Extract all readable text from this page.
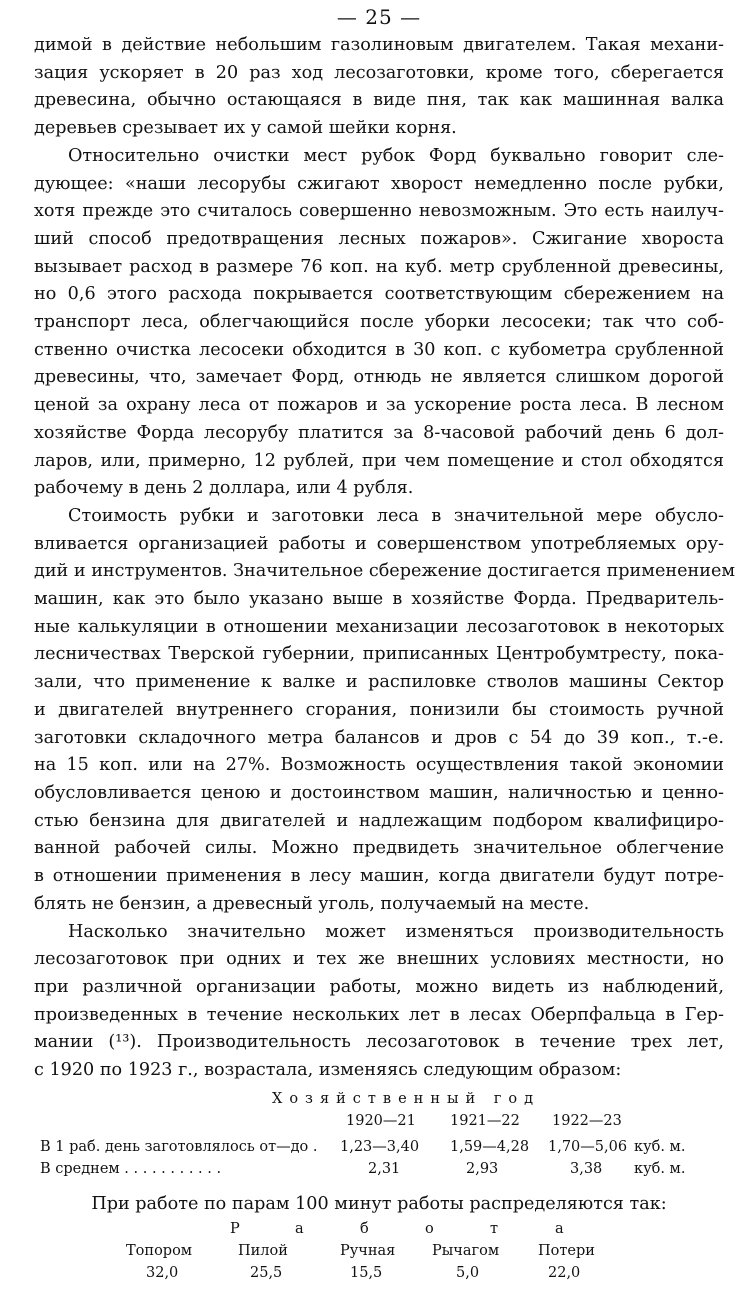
— 25 —

димой в действие небольшим газолиновым двигателем. Такая механи-
зация ускоряет в 20 раз ход лесозаготовки, кроме того, сберегается
древесина, обычно остающаяся в виде пня, так как машинная валка
деревьев срезывает их у самой шейки корня.

Относительно очистки мест рубок Форд буквально говорит сле-
дующее: «наши лесорубы сжигают хворост немедленно после рубки,
хотя прежде это считалось совершенно невозможным. Это есть наилуч-
ший способ предотвращения лесных пожаров». Сжигание хвороста
вызывает расход в размере 76 коп. на куб. метр срубленной древесины,
но 0,6 этого расхода покрывается соответствующим сбережением на
транспорт леса, облегчающийся после уборки лесосеки; так что соб-
ственно очистка лесосеки обходится в 30 коп. с кубометра срубленной
древесины, что, замечает Форд, отнюдь не является слишком дорогой
ценой за охрану леса от пожаров и за ускорение роста леса. В лесном
хозяйстве Форда лесорубу платится за 8-часовой рабочий день 6 дол-
ларов, или, примерно, 12 рублей, при чем помещение и стол обходятся
рабочему в день 2 доллара, или 4 рубля.

Стоимость рубки и заготовки леса в значительной мере обусло-
вливается организацией работы и совершенством употребляемых ору-
дий и инструментов. Значительное сбережение достигается применением
машин, как это было указано выше в хозяйстве Форда. Предваритель-
ные калькуляции в отношении механизации лесозаготовок в некоторых
лесничествах Тверской губернии, приписанных Центробумтресту, пока-
зали, что применение к валке и распиловке стволов машины Сектор
и двигателей внутреннего сгорания, понизили бы стоимость ручной
заготовки складочного метра балансов и дров с 54 до 39 коп., т.-е.
на 15 коп. или на 27%. Возможность осуществления такой экономии
обусловливается ценою и достоинством машин, наличностью и ценно-
стью бензина для двигателей и надлежащим подбором квалифициро-
ванной рабочей силы. Можно предвидеть значительное облегчение
в отношении применения в лесу машин, когда двигатели будут потре-
блять не бензин, а древесный уголь, получаемый на месте.

Насколько значительно может изменяться производительность
лесозаготовок при одних и тех же внешних условиях местности, но
при различной организации работы, можно видеть из наблюдений,
произведенных в течение нескольких лет в лесах Оберпфальца в Гер-
мании (¹³). Производительность лесозаготовок в течение трех лет,
с 1920 по 1923 г., возрастала, изменяясь следующим образом:

Хозяйственный год
1920—21 1921—22 1922—23
В 1 раб. день заготовлялось от—до . 1,23—3,40 1,59—4,28 1,70—5,06 куб. м.
В среднем . . . . . . . . . . .	2,31	2,93	3,38 куб. м.
При работе по парам 100 минут работы распределяются так:
Р	а	б	о	т	а
Топором	Пилой	Ручная	Рычагом	Потери
32,0	25,5	15,5	5,0	22,0
